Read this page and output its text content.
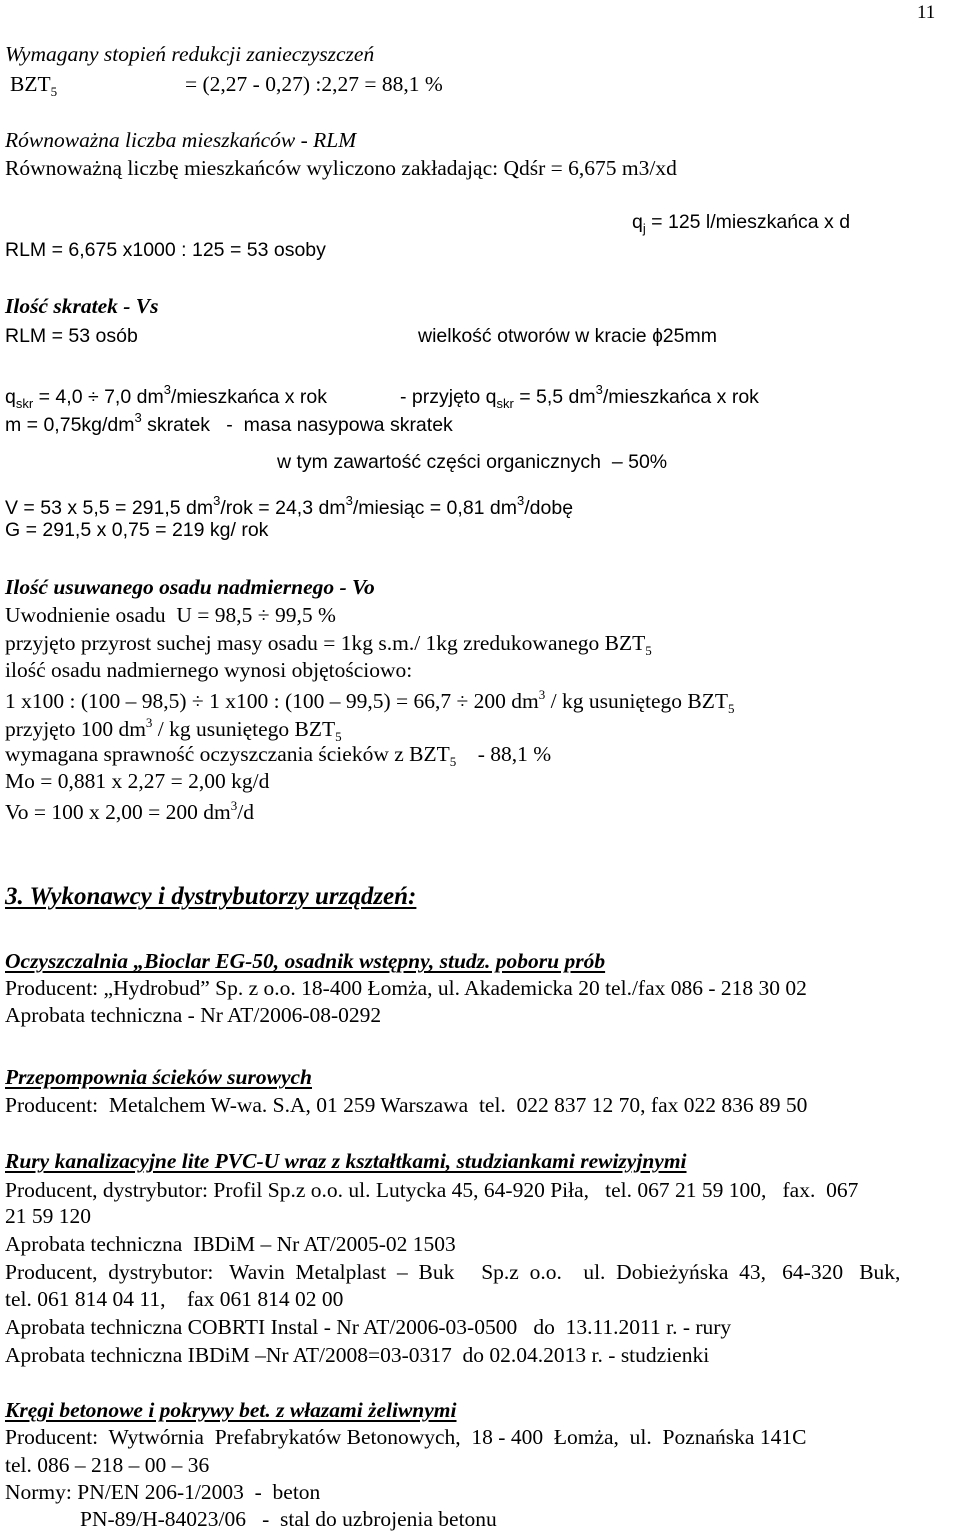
11
Wymagany stopień redukcji zanieczyszczeń
$BZT_5$	= (2,27 - 0,27) :2,27 = 88,1 %
Równoważna liczba mieszkańców - RLM
Równoważną liczbę mieszkańców wyliczono zakładając: Qdśr = 6,675 m3/xd
$q_j = 125$ l/mieszkańca x d
RLM = 6,675 x1000 : 125 = 53 osoby
Ilość skratek - Vs
RLM = 53 osób	wielkość otworów w kracie ɸ25mm
$q_{skr} = 4,0 \div 7,0$ $dm^3$/mieszkańca x rok	- przyjęto $q_{skr} = 5,5$ $dm^3$/mieszkańca x rok
$m = 0,75kg/dm^3$ skratek   -  masa nasypowa skratek
w tym zawartość części organicznych  – 50%
V = 53 x 5,5 = 291,5 $dm^3$/rok = 24,3 $dm^3$/miesiąc = 0,81 $dm^3$/dobę
G = 291,5 x 0,75 = 219 kg/ rok
Ilość usuwanego osadu nadmiernego - Vo
Uwodnienie osadu  U = 98,5 ÷ 99,5 %
przyjęto przyrost suchej masy osadu = 1kg s.m./ 1kg zredukowanego $BZT_5$
ilość osadu nadmiernego wynosi objętościowo:
1 x100 : (100 – 98,5) ÷ 1 x100 : (100 – 99,5) = 66,7 ÷ 200 $dm^3$ / kg usuniętego $BZT_5$
przyjęto 100 $dm^3$ / kg usuniętego $BZT_5$
wymagana sprawność oczyszczania ścieków z $BZT_5$    - 88,1 %
Mo = 0,881 x 2,27 = 2,00 kg/d
Vo = 100 x 2,00 = 200 $dm^3/d$
3. Wykonawcy i dystrybutorzy urządzeń:
Oczyszczalnia „Bioclar EG-50, osadnik wstępny, studz. poboru prób
Producent: „Hydrobud” Sp. z o.o. 18-400 Łomża, ul. Akademicka 20 tel./fax 086 - 218 30 02
Aprobata techniczna - Nr AT/2006-08-0292
Przepompownia ścieków surowych
Producent:  Metalchem W-wa. S.A, 01 259 Warszawa  tel.  022 837 12 70, fax 022 836 89 50
Rury kanalizacyjne lite PVC-U wraz z kształtkami, studziankami rewizyjnymi
Producent, dystrybutor: Profil Sp.z o.o. ul. Lutycka 45, 64-920 Piła,   tel. 067 21 59 100,   fax.  067
21 59 120
Aprobata techniczna  IBDiM – Nr AT/2005-02 1503
Producent,  dystrybutor:   Wavin  Metalplast  –  Buk     Sp.z  o.o.    ul.  Dobieżyńska  43,   64-320   Buk,
tel. 061 814 04 11,    fax 061 814 02 00
Aprobata techniczna COBRTI Instal - Nr AT/2006-03-0500   do  13.11.2011 r. - rury
Aprobata techniczna IBDiM –Nr AT/2008=03-0317  do 02.04.2013 r. - studzienki
Kręgi betonowe i pokrywy bet. z włazami żeliwnymi
Producent:  Wytwórnia  Prefabrykatów Betonowych,  18 - 400  Łomża,  ul.  Poznańska 141C
tel. 086 – 218 – 00 – 36
Normy: PN/EN 206-1/2003  -  beton
PN-89/H-84023/06   -  stal do uzbrojenia betonu
